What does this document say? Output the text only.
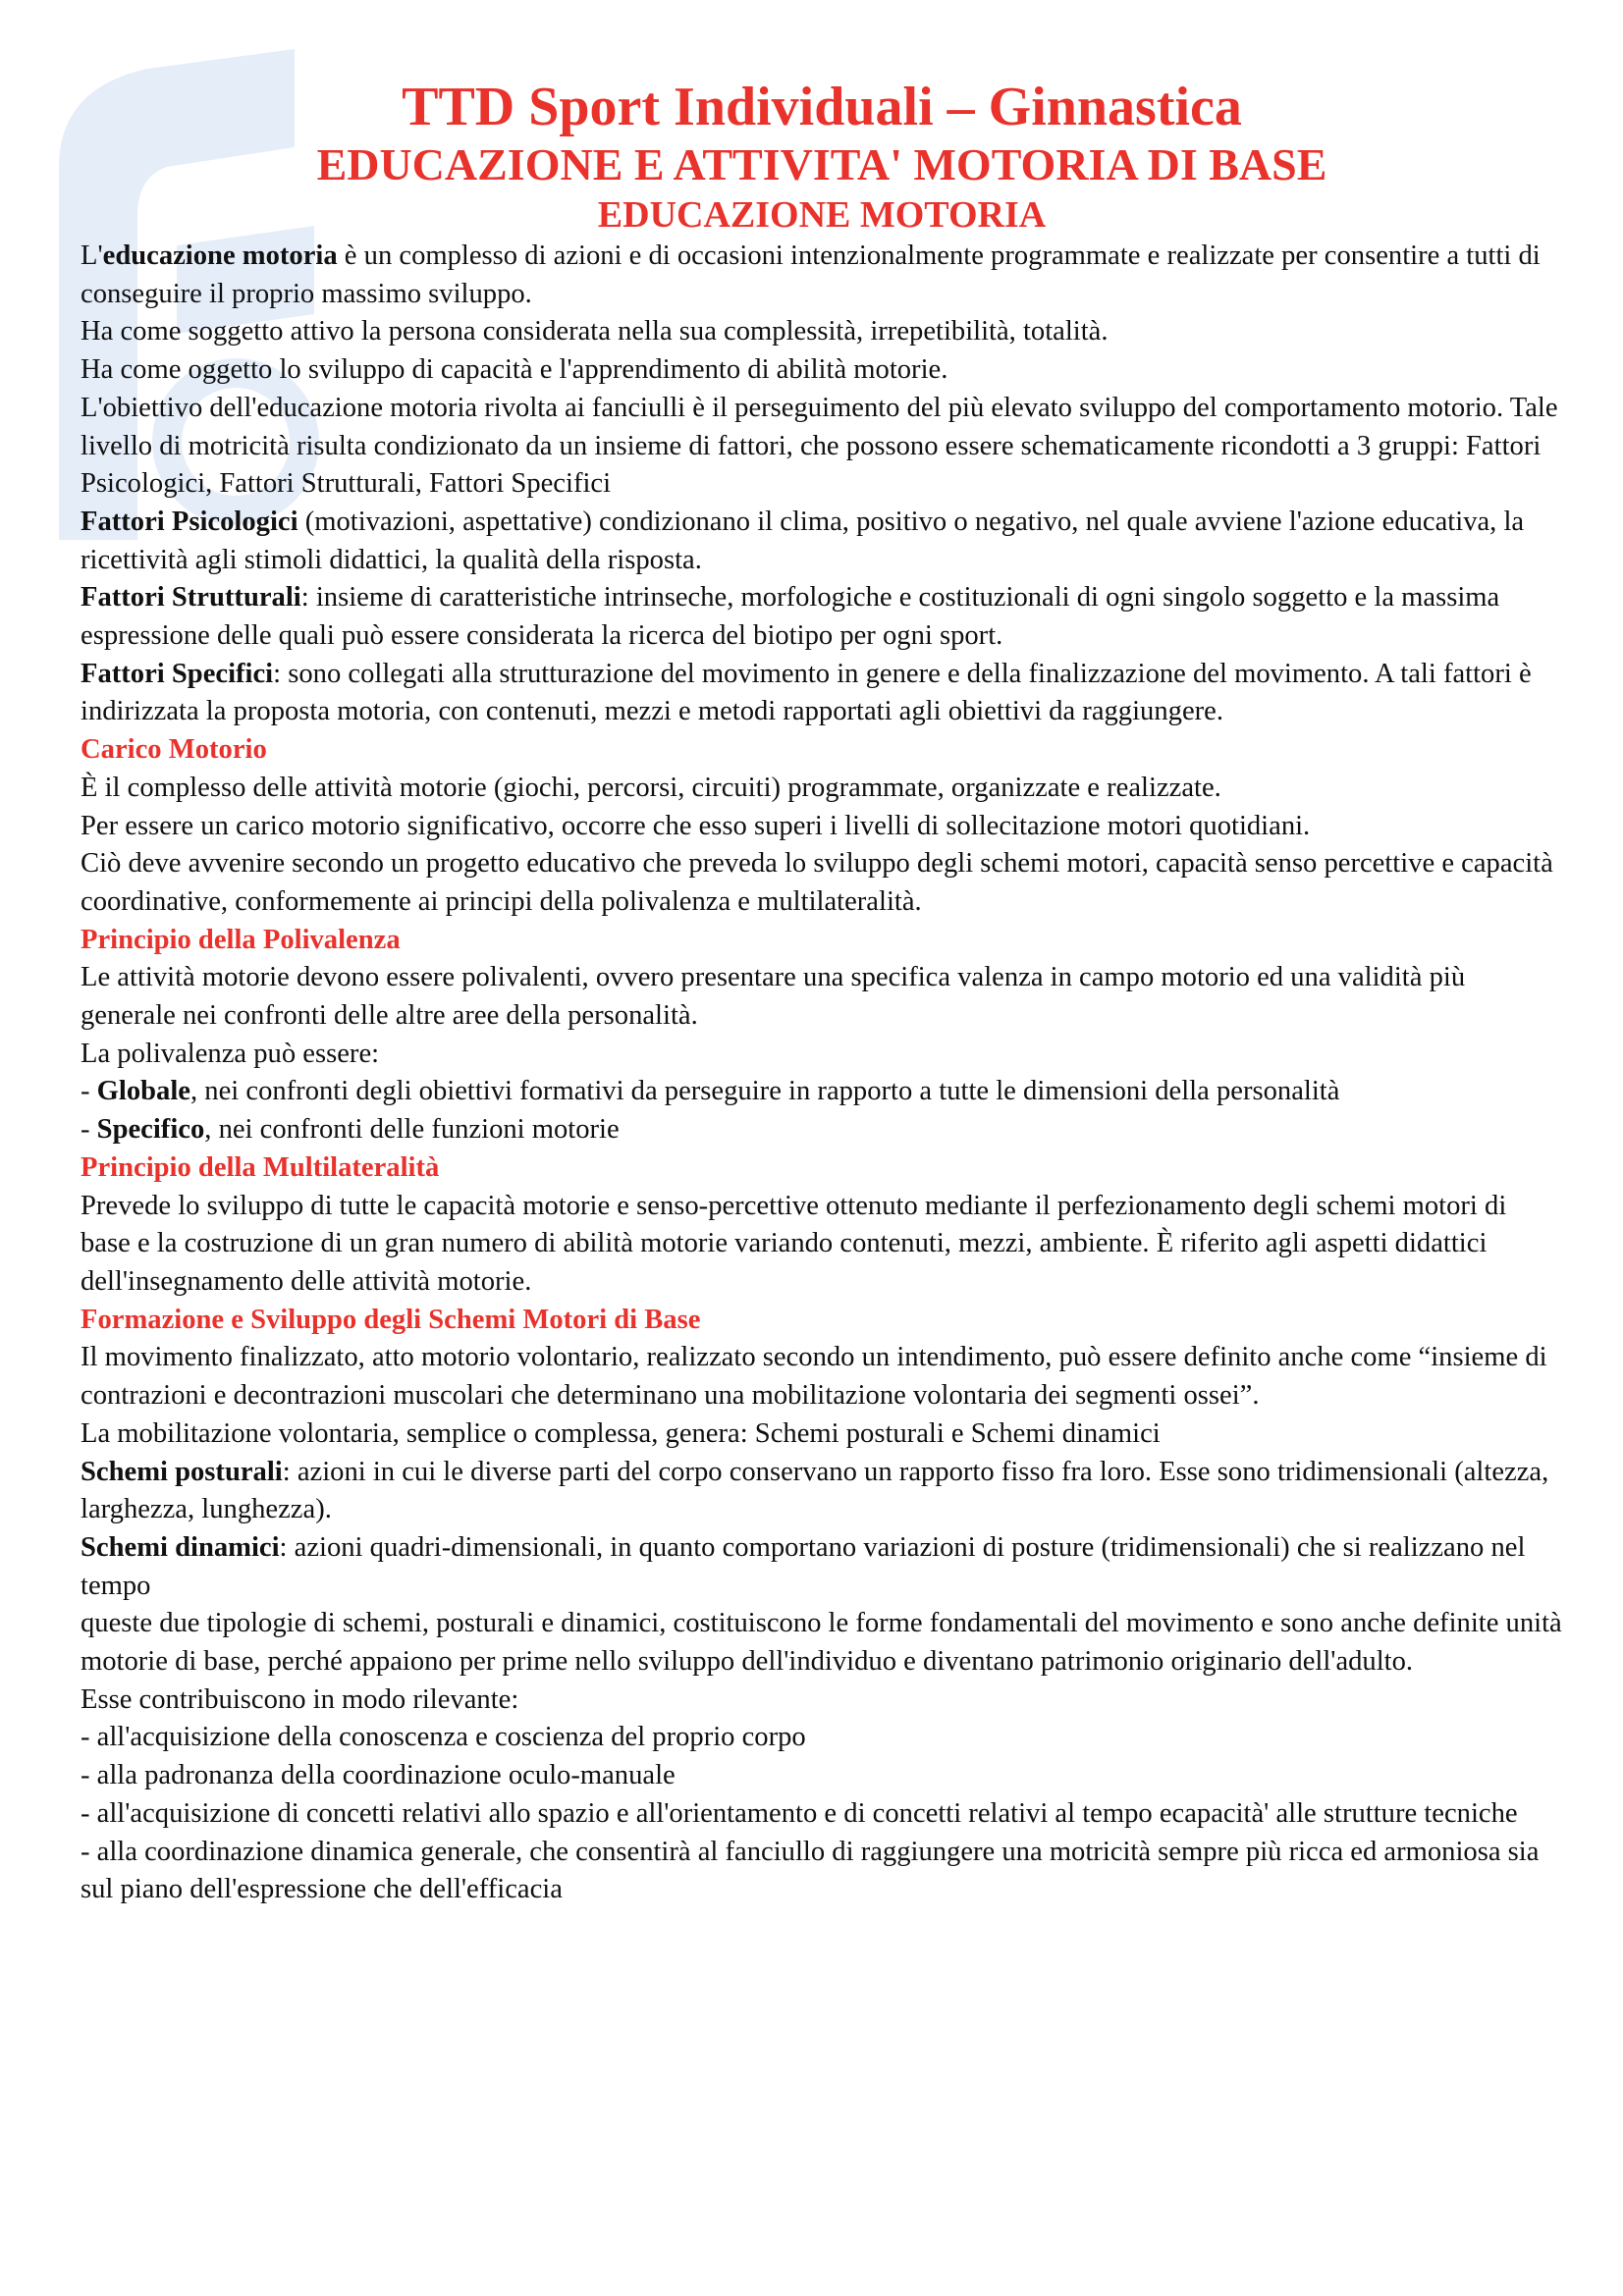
TTD Sport Individuali – Ginnastica
EDUCAZIONE E ATTIVITA' MOTORIA DI BASE
EDUCAZIONE MOTORIA

L'educazione motoria è un complesso di azioni e di occasioni intenzionalmente programmate e realizzate per consentire a tutti di conseguire il proprio massimo sviluppo.

Ha come soggetto attivo la persona considerata nella sua complessità, irrepetibilità, totalità.

Ha come oggetto lo sviluppo di capacità e l'apprendimento di abilità motorie.

L'obiettivo dell'educazione motoria rivolta ai fanciulli è il perseguimento del più elevato sviluppo del comportamento motorio. Tale livello di motricità risulta condizionato da un insieme di fattori, che possono essere schematicamente ricondotti a 3 gruppi: Fattori Psicologici, Fattori Strutturali, Fattori Specifici

Fattori Psicologici (motivazioni, aspettative) condizionano il clima, positivo o negativo, nel quale avviene l'azione educativa, la ricettività agli stimoli didattici, la qualità della risposta.

Fattori Strutturali: insieme di caratteristiche intrinseche, morfologiche e costituzionali di ogni singolo soggetto e la massima espressione delle quali può essere considerata la ricerca del biotipo per ogni sport.

Fattori Specifici: sono collegati alla strutturazione del movimento in genere e della finalizzazione del movimento. A tali fattori è indirizzata la proposta motoria, con contenuti, mezzi e metodi rapportati agli obiettivi da raggiungere.

Carico Motorio

È il complesso delle attività motorie (giochi, percorsi, circuiti) programmate, organizzate e realizzate.

Per essere un carico motorio significativo, occorre che esso superi i livelli di sollecitazione motori quotidiani.

Ciò deve avvenire secondo un progetto educativo che preveda lo sviluppo degli schemi motori, capacità senso percettive e capacità coordinative, conformemente ai principi della polivalenza e multilateralità.

Principio della Polivalenza

Le attività motorie devono essere polivalenti, ovvero presentare una specifica valenza in campo motorio ed una validità più generale nei confronti delle altre aree della personalità.

La polivalenza può essere:

- Globale, nei confronti degli obiettivi formativi da perseguire in rapporto a tutte le dimensioni della personalità

- Specifico, nei confronti delle funzioni motorie

Principio della Multilateralità

Prevede lo sviluppo di tutte le capacità motorie e senso-percettive ottenuto mediante il perfezionamento degli schemi motori di base e la costruzione di un gran numero di abilità motorie variando contenuti, mezzi, ambiente. È riferito agli aspetti didattici dell'insegnamento delle attività motorie.

Formazione e Sviluppo degli Schemi Motori di Base

Il movimento finalizzato, atto motorio volontario, realizzato secondo un intendimento, può essere definito anche come “insieme di contrazioni e decontrazioni muscolari che determinano una mobilitazione volontaria dei segmenti ossei”.

La mobilitazione volontaria, semplice o complessa, genera: Schemi posturali e Schemi dinamici

Schemi posturali: azioni in cui le diverse parti del corpo conservano un rapporto fisso fra loro. Esse sono tridimensionali (altezza, larghezza, lunghezza).

Schemi dinamici: azioni quadri-dimensionali, in quanto comportano variazioni di posture (tridimensionali) che si realizzano nel tempo

queste due tipologie di schemi, posturali e dinamici, costituiscono le forme fondamentali del movimento e sono anche definite unità motorie di base, perché appaiono per prime nello sviluppo dell'individuo e diventano patrimonio originario dell'adulto.

Esse contribuiscono in modo rilevante:

- all'acquisizione della conoscenza e coscienza del proprio corpo

- alla padronanza della coordinazione oculo-manuale

- all'acquisizione di concetti relativi allo spazio e all'orientamento e di concetti relativi al tempo ecapacità' alle strutture tecniche

- alla coordinazione dinamica generale, che consentirà al fanciullo di raggiungere una motricità sempre più ricca ed armoniosa sia sul piano dell'espressione che dell'efficacia
